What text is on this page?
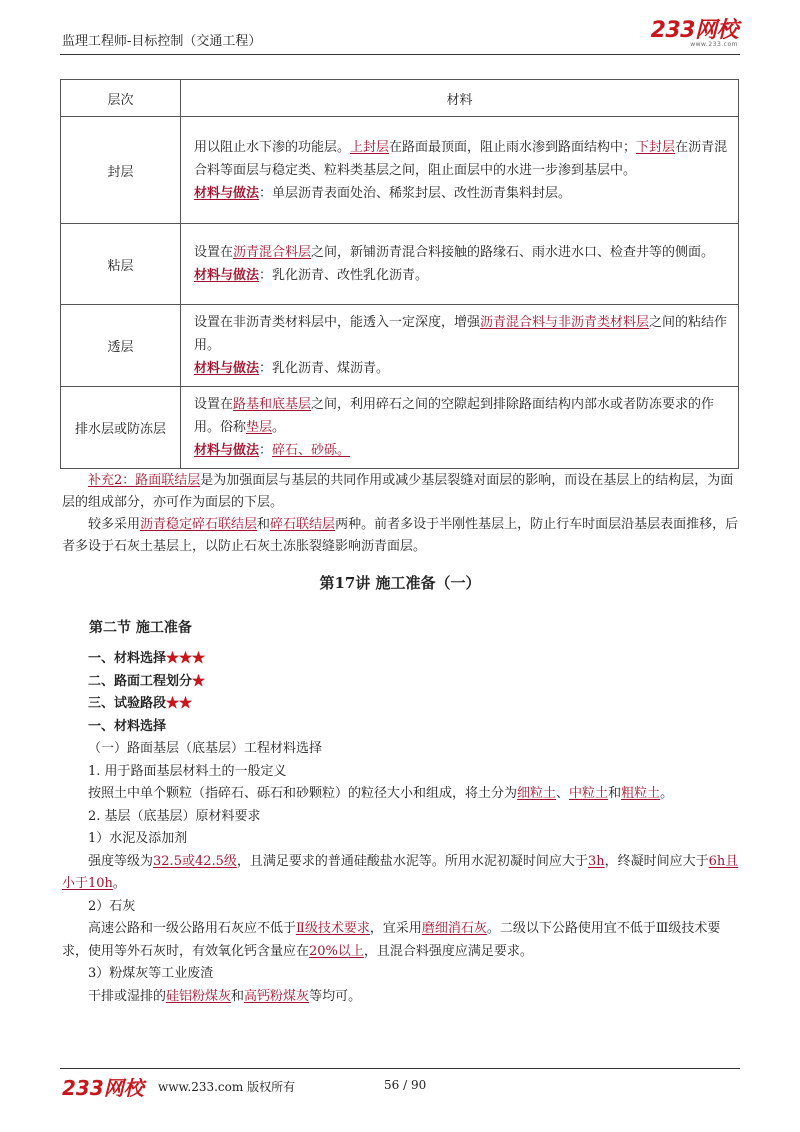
监理工程师-目标控制（交通工程）	233网校
www.233.com
层次	材料
封层	用以阻止水下渗的功能层。上封层在路面最顶面，阻止雨水渗到路面结构中；下封层在沥青混合料等面层与稳定类、粒料类基层之间，阻止面层中的水进一步渗到基层中。
材料与做法：单层沥青表面处治、稀浆封层、改性沥青集料封层。
粘层	设置在沥青混合料层之间，新铺沥青混合料接触的路缘石、雨水进水口、检查井等的侧面。
材料与做法：乳化沥青、改性乳化沥青。
透层	设置在非沥青类材料层中，能透入一定深度，增强沥青混合料与非沥青类材料层之间的粘结作用。
材料与做法：乳化沥青、煤沥青。
排水层或防冻层	设置在路基和底基层之间，利用碎石之间的空隙起到排除路面结构内部水或者防冻要求的作用。俗称垫层。
材料与做法：碎石、砂砾。

补充2：路面联结层是为加强面层与基层的共同作用或减少基层裂缝对面层的影响，而设在基层上的结构层，为面层的组成部分，亦可作为面层的下层。

较多采用沥青稳定碎石联结层和碎石联结层两种。前者多设于半刚性基层上，防止行车时面层沿基层表面推移，后者多设于石灰土基层上，以防止石灰土冻胀裂缝影响沥青面层。

第17讲 施工准备（一）
第二节 施工准备
一、材料选择★★★
二、路面工程划分★
三、试验路段★★
一、材料选择
（一）路面基层（底基层）工程材料选择
1. 用于路面基层材料土的一般定义
按照土中单个颗粒（指碎石、砾石和砂颗粒）的粒径大小和组成，将土分为细粒土、中粒土和粗粒土。
2. 基层（底基层）原材料要求
1）水泥及添加剂
强度等级为32.5或42.5级，且满足要求的普通硅酸盐水泥等。所用水泥初凝时间应大于3h，终凝时间应大于6h且小于10h。
2）石灰
高速公路和一级公路用石灰应不低于Ⅱ级技术要求，宜采用磨细消石灰。二级以下公路使用宜不低于Ⅲ级技术要求，使用等外石灰时，有效氧化钙含量应在20%以上，且混合料强度应满足要求。
3）粉煤灰等工业废渣
干排或湿排的硅铝粉煤灰和高钙粉煤灰等均可。
233网校 www.233.com 版权所有	56 / 90
